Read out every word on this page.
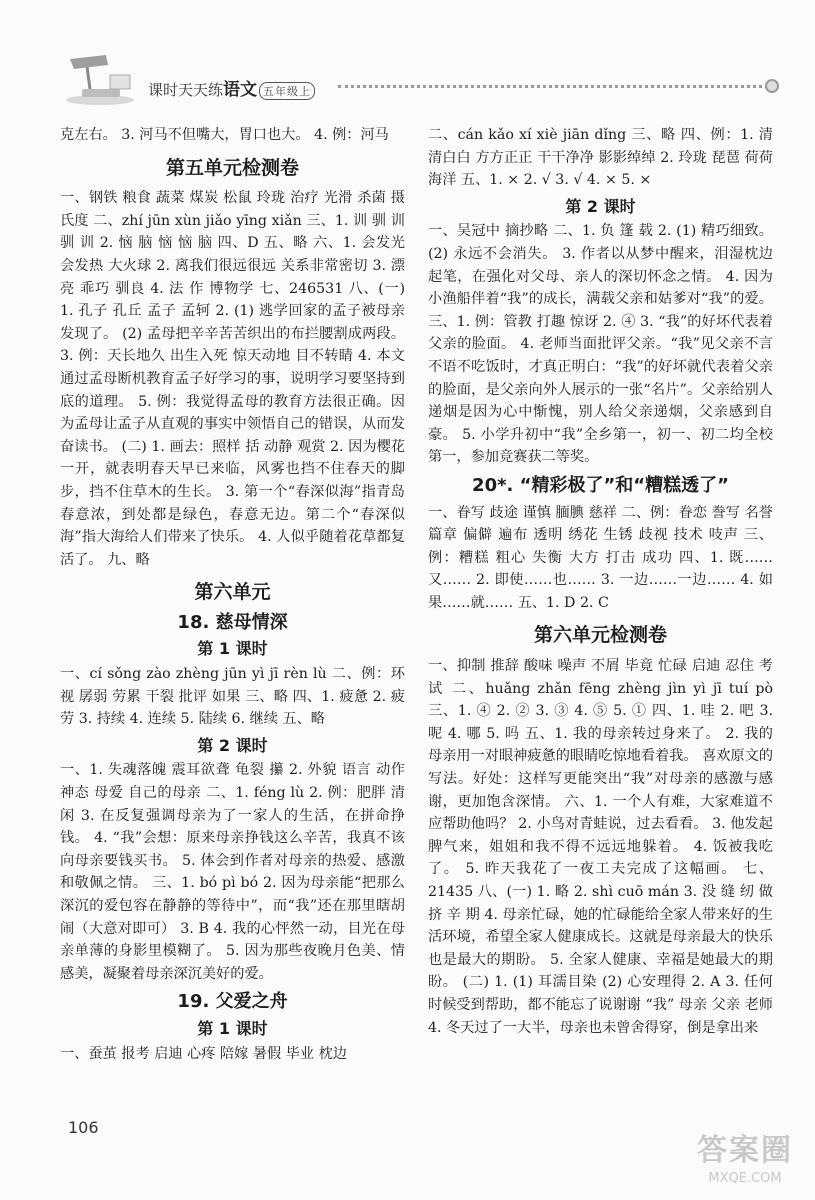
课时天天练语文 五年级上

克左右。 3. 河马不但嘴大，胃口也大。 4. 例：河马

第五单元检测卷

一、钢铁 粮食 蔬菜 煤炭 松鼠 玲珑 治疗 光滑 杀菌 摄氏度 二、zhí jūn xùn jiǎo yīng xiǎn 三、1. 训 驯 训 驯 训 2. 恼 脑 恼 恼 脑 四、D 五、略 六、1. 会发光 会发热 大火球 2. 离我们很远很远 关系非常密切 3. 漂亮 乖巧 驯良 4. 法 作 博物学 七、246531 八、(一) 1. 孔子 孔丘 孟子 孟轲 2. (1) 逃学回家的孟子被母亲发现了。 (2) 孟母把辛辛苦苦织出的布拦腰割成两段。 3. 例：天长地久 出生入死 惊天动地 目不转睛 4. 本文通过孟母断机教育孟子好学习的事，说明学习要坚持到底的道理。 5. 例：我觉得孟母的教育方法很正确。因为孟母让孟子从直观的事实中领悟自己的错误，从而发奋读书。 (二) 1. 画去：照样 括 动静 观赏 2. 因为樱花一开，就表明春天早已来临，风雾也挡不住春天的脚步，挡不住草木的生长。 3. 第一个“春深似海”指青岛春意浓，到处都是绿色，春意无边。第二个“春深似海”指大海给人们带来了快乐。 4. 人似乎随着花草都复活了。 九、略

第六单元
18. 慈母情深
第 1 课时

一、cí sǒng zào zhèng jūn yì jī rèn lù 二、例：环视 孱弱 劳累 干裂 批评 如果 三、略 四、1. 疲惫 2. 疲劳 3. 持续 4. 连续 5. 陆续 6. 继续 五、略

第 2 课时

一、1. 失魂落魄 震耳欲聋 龟裂 攥 2. 外貌 语言 动作 神态 母爱 自己的母亲 二、1. féng lù 2. 例：肥胖 清闲 3. 在反复强调母亲为了一家人的生活，在拼命挣钱。 4. “我”会想：原来母亲挣钱这么辛苦，我真不该向母亲要钱买书。 5. 体会到作者对母亲的热爱、感激和敬佩之情。 三、1. bó pì bó 2. 因为母亲能“把那么深沉的爱包容在静静的等待中”，而“我”还在那里瞎胡闹（大意对即可） 3. B 4. 我的心怦然一动，目光在母亲单薄的身影里模糊了。 5. 因为那些夜晚月色美、情感美，凝聚着母亲深沉美好的爱。

19. 父爱之舟
第 1 课时

一、蚕茧 报考 启迪 心疼 陪嫁 暑假 毕业 枕边

二、cán kǎo xí xiè jiān dǐng 三、略 四、例：1. 清清白白 方方正正 干干净净 影影绰绰 2. 玲珑 琵琶 荷荷 海洋 五、1. × 2. √ 3. √ 4. × 5. ×

第 2 课时

一、吴冠中 摘抄略 二、1. 负 篷 载 2. (1) 精巧细致。 (2) 永远不会消失。 3. 作者以从梦中醒来，泪湿枕边起笔，在强化对父母、亲人的深切怀念之情。 4. 因为小渔船伴着“我”的成长，满载父亲和姑爹对“我”的爱。 三、1. 例：管教 打趣 惊讶 2. ④ 3. “我”的好坏代表着父亲的脸面。 4. 老师当面批评父亲。“我”见父亲不言不语不吃饭时，才真正明白：“我”的好坏就代表着父亲的脸面，是父亲向外人展示的一张“名片”。父亲给别人递烟是因为心中惭愧，别人给父亲递烟，父亲感到自豪。 5. 小学升初中“我”全乡第一，初一、初二均全校第一，参加竞赛获二等奖。

20*. “精彩极了”和“糟糕透了”

一、眷写 歧途 谨慎 腼腆 慈祥 二、例：眷恋 誊写 名誉 篇章 偏僻 遍布 透明 绣花 生锈 歧视 技术 吱声 三、例：糟糕 粗心 失衡 大方 打击 成功 四、1. 既……又…… 2. 即使……也…… 3. 一边……一边…… 4. 如果……就…… 五、1. D 2. C

第六单元检测卷

一、抑制 推辞 酸味 噪声 不屑 毕竟 忙碌 启迪 忍住 考试 二、huǎng zhǎn fēng zhèng jìn yì jī tuí pò 三、1. ④ 2. ② 3. ③ 4. ⑤ 5. ① 四、1. 哇 2. 吧 3. 呢 4. 哪 5. 吗 五、1. 我的母亲转过身来了。 2. 我的母亲用一对眼神疲惫的眼睛吃惊地看着我。 喜欢原文的写法。好处：这样写更能突出“我”对母亲的感激与感谢，更加饱含深情。 六、1. 一个人有难，大家难道不应帮助他吗？ 2. 小鸟对青蛙说，过去看看。 3. 他发起脾气来，姐姐和我不得不远远地躲着。 4. 饭被我吃了。 5. 昨天我花了一夜工夫完成了这幅画。 七、21435 八、(一) 1. 略 2. shì cuō mán 3. 没 缝 纫 做 挤 辛 期 4. 母亲忙碌，她的忙碌能给全家人带来好的生活环境，希望全家人健康成长。这就是母亲最大的快乐也是最大的期盼。 5. 全家人健康、幸福是她最大的期盼。 (二) 1. (1) 耳濡目染 (2) 心安理得 2. A 3. 任何时候受到帮助，都不能忘了说谢谢 “我” 母亲 父亲 老师 4. 冬天过了一大半，母亲也未曾舍得穿，倒是拿出来

106
答案圈
MXQE.COM
